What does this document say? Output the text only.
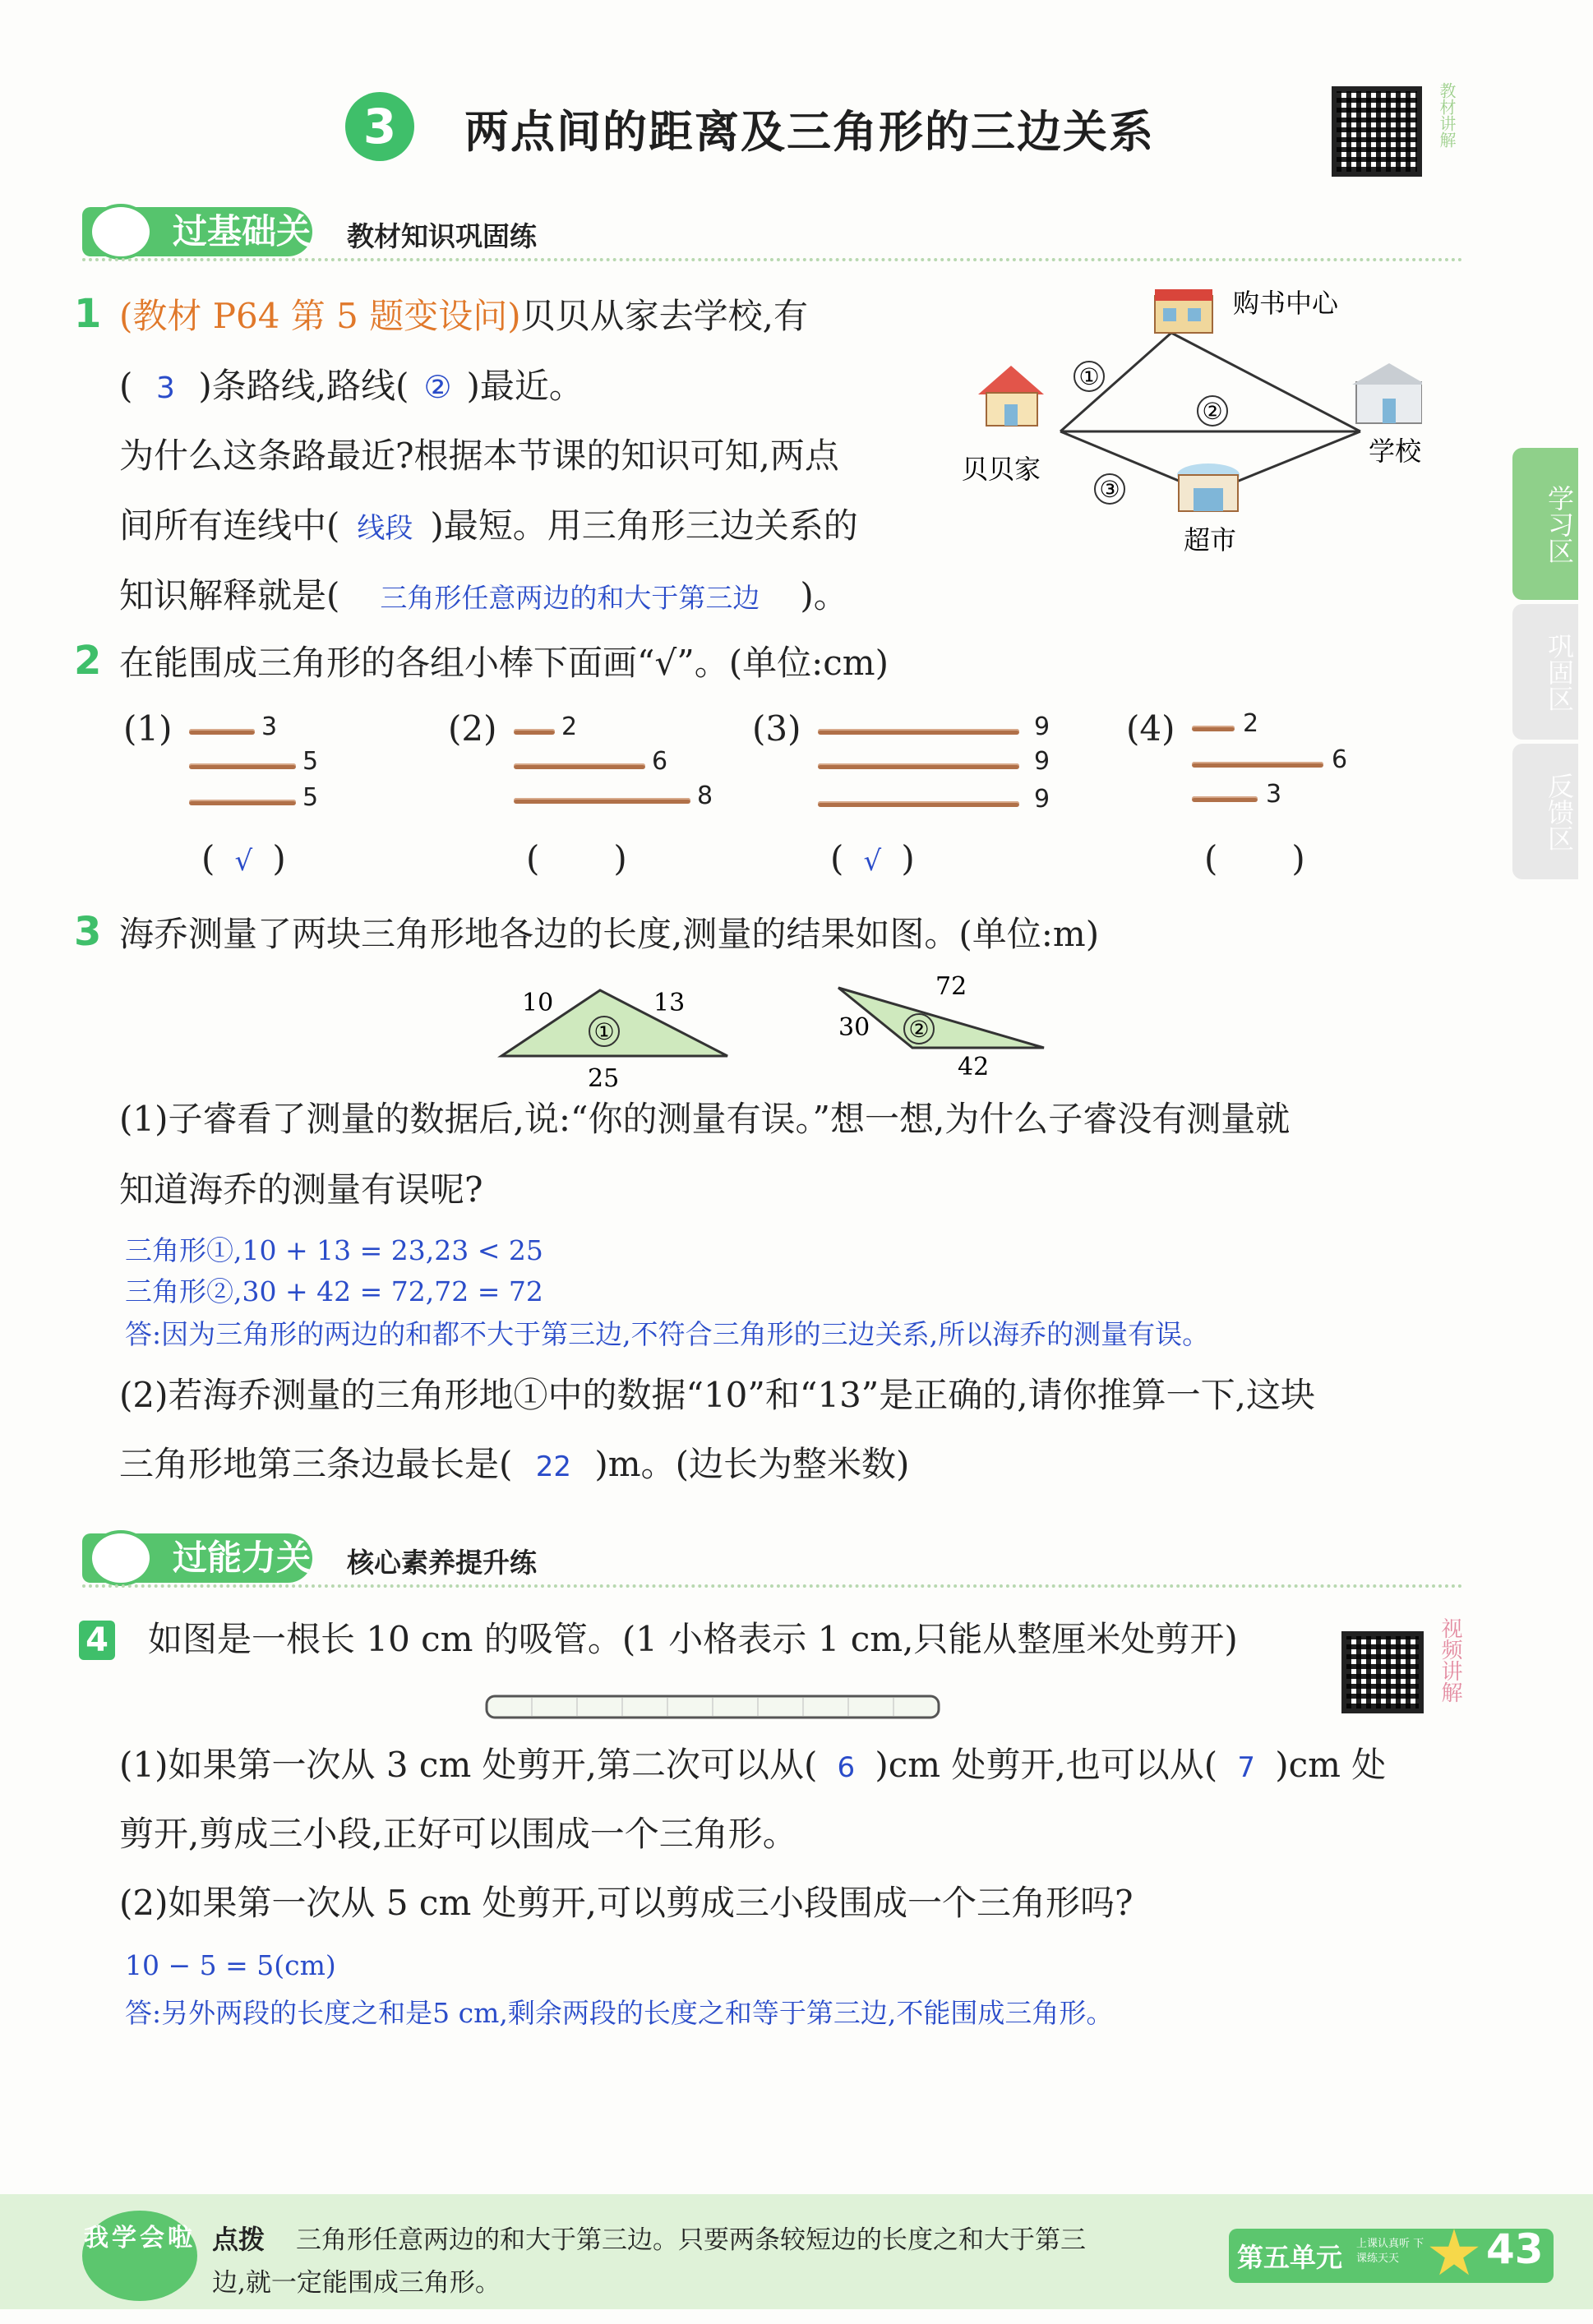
3	两点间的距离及三角形的三边关系	教材讲解
过基础关 教材知识巩固练
学习区
巩固区
反馈区
1 (教材 P64 第 5 题变设问)贝贝从家去学校,有
( 3 )条路线,路线( ② )最近。
为什么这条路最近?根据本节课的知识可知,两点
间所有连线中( 线段 )最短。用三角形三边关系的
知识解释就是( 三角形任意两边的和大于第三边 )。
①
②
③
贝贝家
购书中心
学校
超市
2 在能围成三角形的各组小棒下面画“√”。(单位:cm)
(1)	3
5
5
( √ )
(2)	2
6
8
( )
(3)	9
9
9
( √ )
(4)	2
6
3
( )
3 海乔测量了两块三角形地各边的长度,测量的结果如图。(单位:m)
①
10	13
25
②
30
72
42
(1)子睿看了测量的数据后,说:“你的测量有误。”想一想,为什么子睿没有测量就
知道海乔的测量有误呢?
三角形①,10 + 13 = 23,23 < 25
三角形②,30 + 42 = 72,72 = 72
答:因为三角形的两边的和都不大于第三边,不符合三角形的三边关系,所以海乔的测量有误。
(2)若海乔测量的三角形地①中的数据“10”和“13”是正确的,请你推算一下,这块
三角形地第三条边最长是( 22 )m。(边长为整米数)
过能力关 核心素养提升练
4 如图是一根长 10 cm 的吸管。(1 小格表示 1 cm,只能从整厘米处剪开)	视频讲解
(1)如果第一次从 3 cm 处剪开,第二次可以从( 6 )cm 处剪开,也可以从( 7 )cm 处
剪开,剪成三小段,正好可以围成一个三角形。
(2)如果第一次从 5 cm 处剪开,可以剪成三小段围成一个三角形吗?
10 − 5 = 5(cm)
答:另外两段的长度之和是5 cm,剩余两段的长度之和等于第三边,不能围成三角形。
我学会啦 点拨 三角形任意两边的和大于第三边。只要两条较短边的长度之和大于第三
边,就一定能围成三角形。
第五单元 上课认真听 下课练天天	43
